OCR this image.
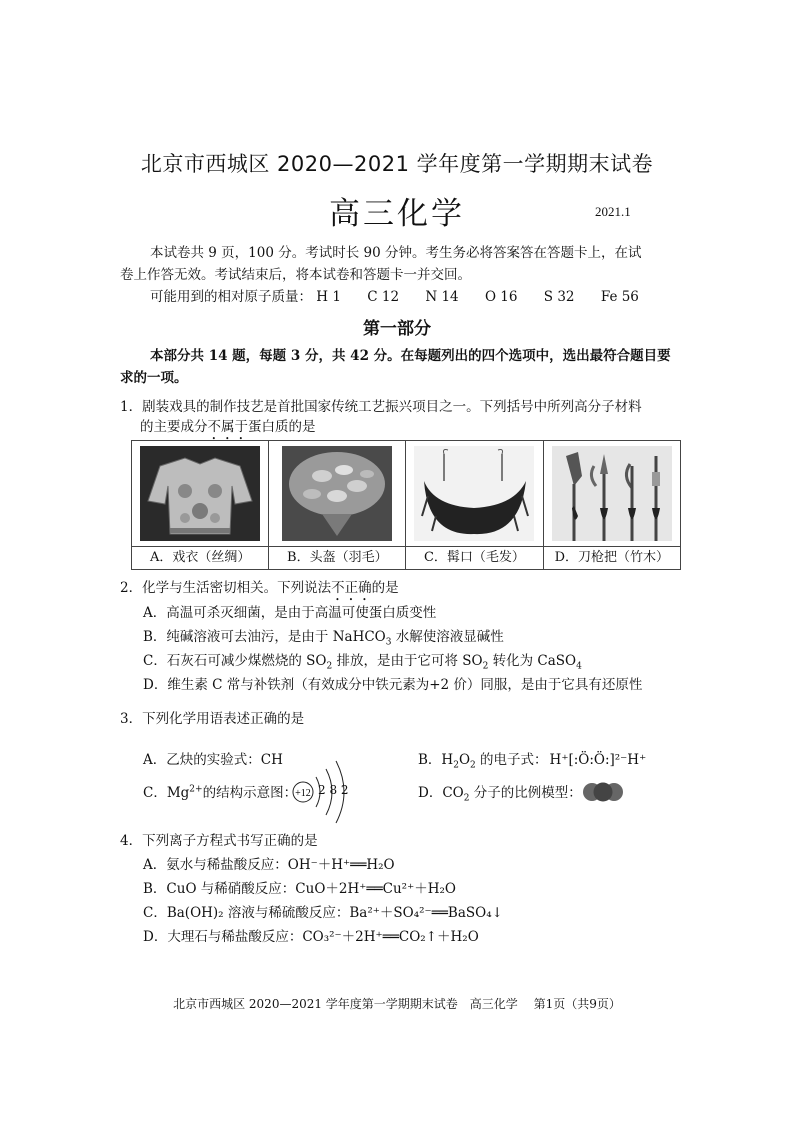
北京市西城区 2020—2021 学年度第一学期期末试卷
高三化学	2021.1
本试卷共 9 页，100 分。考试时长 90 分钟。考生务必将答案答在答题卡上，在试
卷上作答无效。考试结束后，将本试卷和答题卡一并交回。
可能用到的相对原子质量： H 1 C 12 N 14 O 16 S 32 Fe 56
第一部分
本部分共 14 题，每题 3 分，共 42 分。在每题列出的四个选项中，选出最符合题目要
求的一项。
1．剧装戏具的制作技艺是首批国家传统工艺振兴项目之一。下列括号中所列高分子材料
的主要成分不属于蛋白质的是
A．戏衣（丝绸）	B．头盔（羽毛）	C．髯口（毛发）	D．刀枪把（竹木）
2．化学与生活密切相关。下列说法不正确的是
A．高温可杀灭细菌，是由于高温可使蛋白质变性
B．纯碱溶液可去油污，是由于 NaHCO$_3$ 水解使溶液显碱性
C．石灰石可减少煤燃烧的 $SO_2$ 排放，是由于它可将 $SO_2$ 转化为 CaSO$_4$
D．维生素 C 常与补铁剂（有效成分中铁元素为+2 价）同服，是由于它具有还原性
3．下列化学用语表述正确的是
A．乙炔的实验式：CH	B．$H_2O_2$ 的电子式： H⁺[:Ö:Ö:]²⁻H⁺
C．$Mg^{2+}$的结构示意图：
+12 2 8 2	D．$CO_2$ 分子的比例模型：
4．下列离子方程式书写正确的是
A．氨水与稀盐酸反应：OH⁻＋H⁺══H₂O
B．CuO 与稀硝酸反应：CuO＋2H⁺══Cu²⁺＋H₂O
C．Ba(OH)₂ 溶液与稀硫酸反应：Ba²⁺＋SO₄²⁻══BaSO₄↓
D．大理石与稀盐酸反应：CO₃²⁻＋2H⁺══CO₂↑＋H₂O
北京市西城区 2020—2021 学年度第一学期期末试卷　高三化学　 第1页（共9页）
